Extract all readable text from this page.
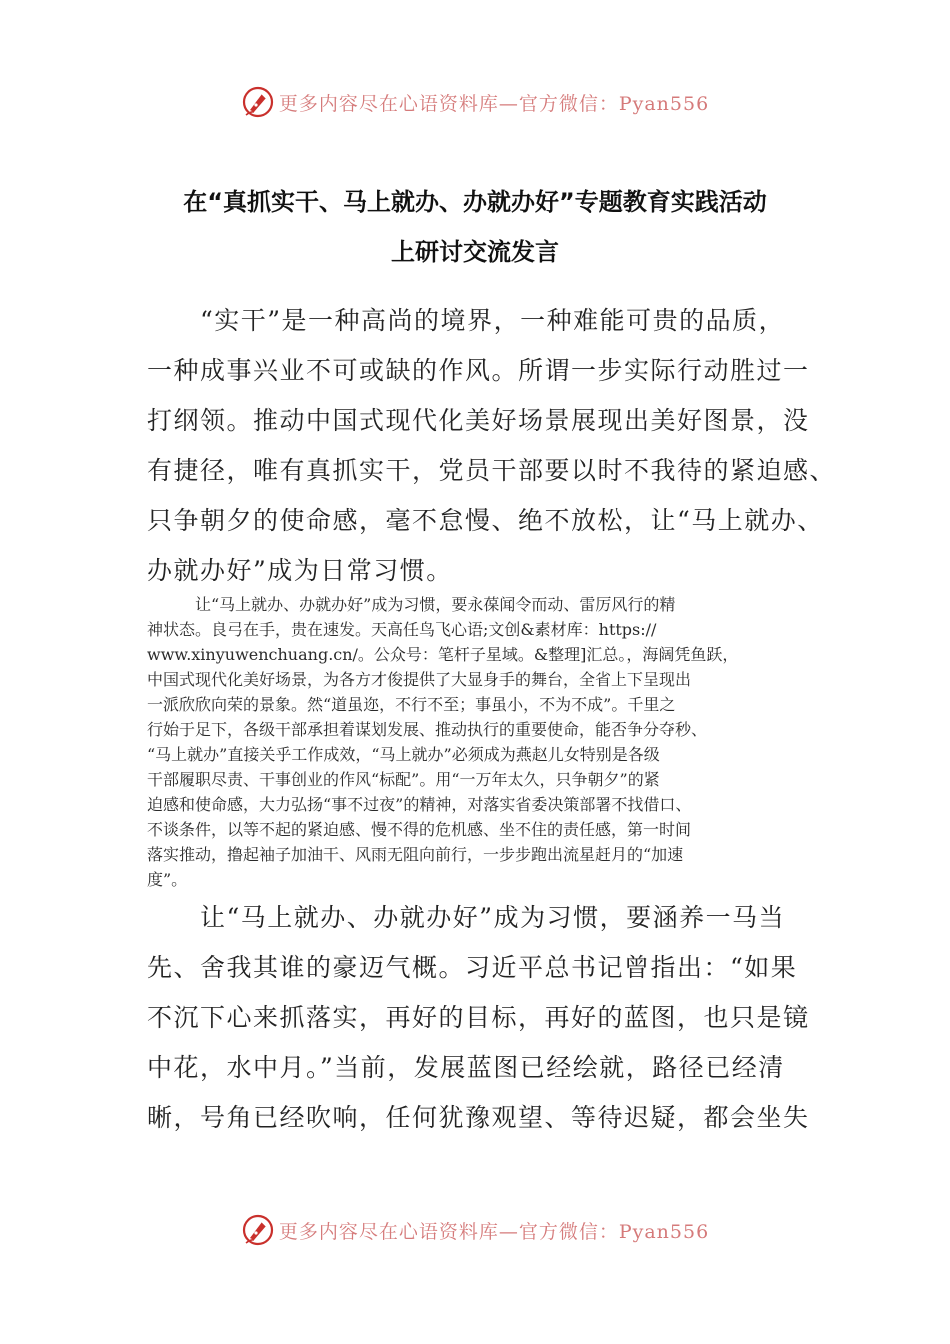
更多内容尽在心语资料库—官方微信：Pyan556
在“真抓实干、马上就办、办就办好”专题教育实践活动
上研讨交流发言
　　“实干”是一种高尚的境界，一种难能可贵的品质，
一种成事兴业不可或缺的作风。所谓一步实际行动胜过一
打纲领。推动中国式现代化美好场景展现出美好图景，没
有捷径，唯有真抓实干，党员干部要以时不我待的紧迫感、
只争朝夕的使命感，毫不怠慢、绝不放松，让“马上就办、
办就办好”成为日常习惯。
　　　让“马上就办、办就办好”成为习惯，要永葆闻令而动、雷厉风行的精
神状态。良弓在手，贵在速发。天高任鸟飞心语;文创&素材库：https://
www.xinyuwenchuang.cn/。公众号：笔杆子星域。&整理]汇总。，海阔凭鱼跃，
中国式现代化美好场景，为各方才俊提供了大显身手的舞台，全省上下呈现出
一派欣欣向荣的景象。然“道虽迩，不行不至；事虽小，不为不成”。千里之
行始于足下，各级干部承担着谋划发展、推动执行的重要使命，能否争分夺秒、
“马上就办”直接关乎工作成效，“马上就办”必须成为燕赵儿女特别是各级
干部履职尽责、干事创业的作风“标配”。用“一万年太久，只争朝夕”的紧
迫感和使命感，大力弘扬“事不过夜”的精神，对落实省委决策部署不找借口、
不谈条件，以等不起的紧迫感、慢不得的危机感、坐不住的责任感，第一时间
落实推动，撸起袖子加油干、风雨无阻向前行，一步步跑出流星赶月的“加速
度”。
　　让“马上就办、办就办好”成为习惯，要涵养一马当
先、舍我其谁的豪迈气概。习近平总书记曾指出：“如果
不沉下心来抓落实，再好的目标，再好的蓝图，也只是镜
中花，水中月。”当前，发展蓝图已经绘就，路径已经清
晰，号角已经吹响，任何犹豫观望、等待迟疑，都会坐失
更多内容尽在心语资料库—官方微信：Pyan556
